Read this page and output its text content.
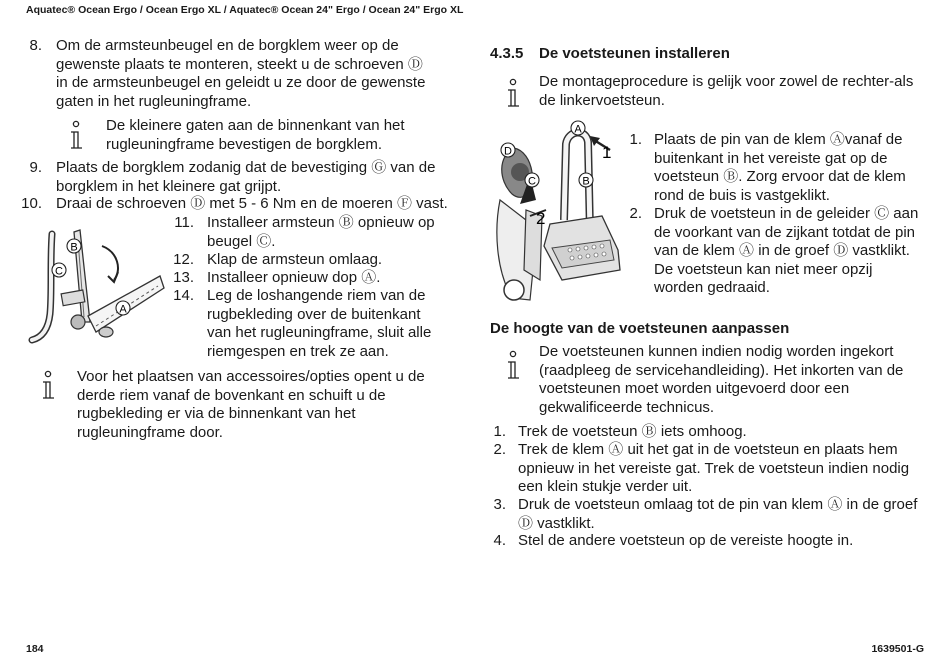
Aquatec® Ocean Ergo / Ocean Ergo XL / Aquatec® Ocean 24" Ergo / Ocean 24" Ergo XL
8. Om de armsteunbeugel en de borgklem weer op de gewenste plaats te monteren, steekt u de schroeven Ⓓ in de armsteunbeugel en geleidt u ze door de gewenste gaten in het rugleuningframe.
De kleinere gaten aan de binnenkant van het rugleuningframe bevestigen de borgklem.
9. Plaats de borgklem zodanig dat de bevestiging Ⓖ van de borgklem in het kleinere gat grijpt.
10. Draai de schroeven Ⓓ met 5 - 6 Nm en de moeren Ⓕ vast.
B
C
A
11. Installeer armsteun Ⓑ opnieuw op beugel Ⓒ.
12. Klap de armsteun omlaag.
13. Installeer opnieuw dop Ⓐ.
14. Leg de loshangende riem van de rugbekleding over de buitenkant van het rugleuningframe, sluit alle riemgespen en trek ze aan.
Voor het plaatsen van accessoires/opties opent u de derde riem vanaf de bovenkant en schuift u de rugbekleding er via de binnenkant van het rugleuningframe door.
4.3.5 De voetsteunen installeren
De montageprocedure is gelijk voor zowel de rechter-als de linkervoetsteun.
A
D
C	B
1
2
1. Plaats de pin van de klem Ⓐvanaf de buitenkant in het vereiste gat op de voetsteun Ⓑ. Zorg ervoor dat de klem rond de buis is vastgeklikt.
2. Druk de voetsteun in de geleider Ⓒ aan de voorkant van de zijkant totdat de pin van de klem Ⓐ in de groef Ⓓ vastklikt. De voetsteun kan niet meer opzij worden gedraaid.
De hoogte van de voetsteunen aanpassen
De voetsteunen kunnen indien nodig worden ingekort (raadpleeg de servicehandleiding). Het inkorten van de voetsteunen moet worden uitgevoerd door een gekwalificeerde technicus.
1. Trek de voetsteun Ⓑ iets omhoog.
2. Trek de klem Ⓐ uit het gat in de voetsteun en plaats hem opnieuw in het vereiste gat. Trek de voetsteun indien nodig een klein stukje verder uit.
3. Druk de voetsteun omlaag tot de pin van klem Ⓐ in de groef Ⓓ vastklikt.
4. Stel de andere voetsteun op de vereiste hoogte in.
184	1639501-G
